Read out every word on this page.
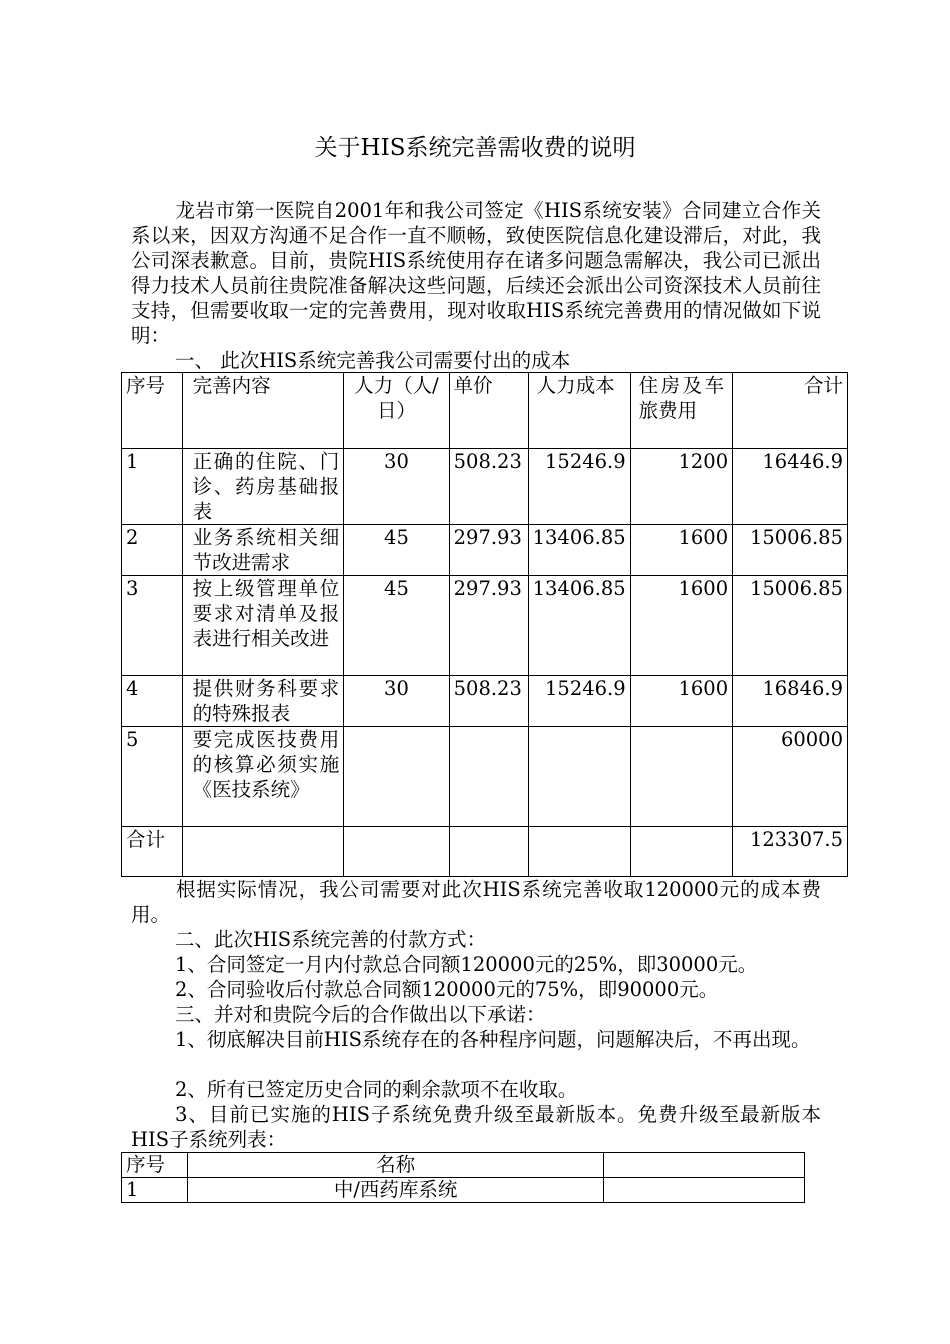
关于HIS系统完善需收费的说明
龙岩市第一医院自2001年和我公司签定《HIS系统安装》合同建立合作关系以来，因双方沟通不足合作一直不顺畅，致使医院信息化建设滞后，对此，我公司深表歉意。目前，贵院HIS系统使用存在诸多问题急需解决，我公司已派出得力技术人员前往贵院准备解决这些问题，后续还会派出公司资深技术人员前往支持，但需要收取一定的完善费用，现对收取HIS系统完善费用的情况做如下说明：
一、 此次HIS系统完善我公司需要付出的成本
序号	完善内容	人力（人/日）	单价	人力成本	住房及车旅费用	合计
1	正确的住院、门诊、药房基础报表	30	508.23	15246.9	1200	16446.9
2	业务系统相关细节改进需求	45	297.93	13406.85	1600	15006.85
3	按上级管理单位要求对清单及报表进行相关改进	45	297.93	13406.85	1600	15006.85
4	提供财务科要求的特殊报表	30	508.23	15246.9	1600	16846.9
5	要完成医技费用的核算必须实施《医技系统》					60000
合计						123307.5
根据实际情况，我公司需要对此次HIS系统完善收取120000元的成本费用。
二、此次HIS系统完善的付款方式：
1、合同签定一月内付款总合同额120000元的25%，即30000元。
2、合同验收后付款总合同额120000元的75%，即90000元。
三、并对和贵院今后的合作做出以下承诺：
1、彻底解决目前HIS系统存在的各种程序问题，问题解决后，不再出现。
2、所有已签定历史合同的剩余款项不在收取。
3、目前已实施的HIS子系统免费升级至最新版本。免费升级至最新版本HIS子系统列表：
序号	名称	
1	中/西药库系统	
